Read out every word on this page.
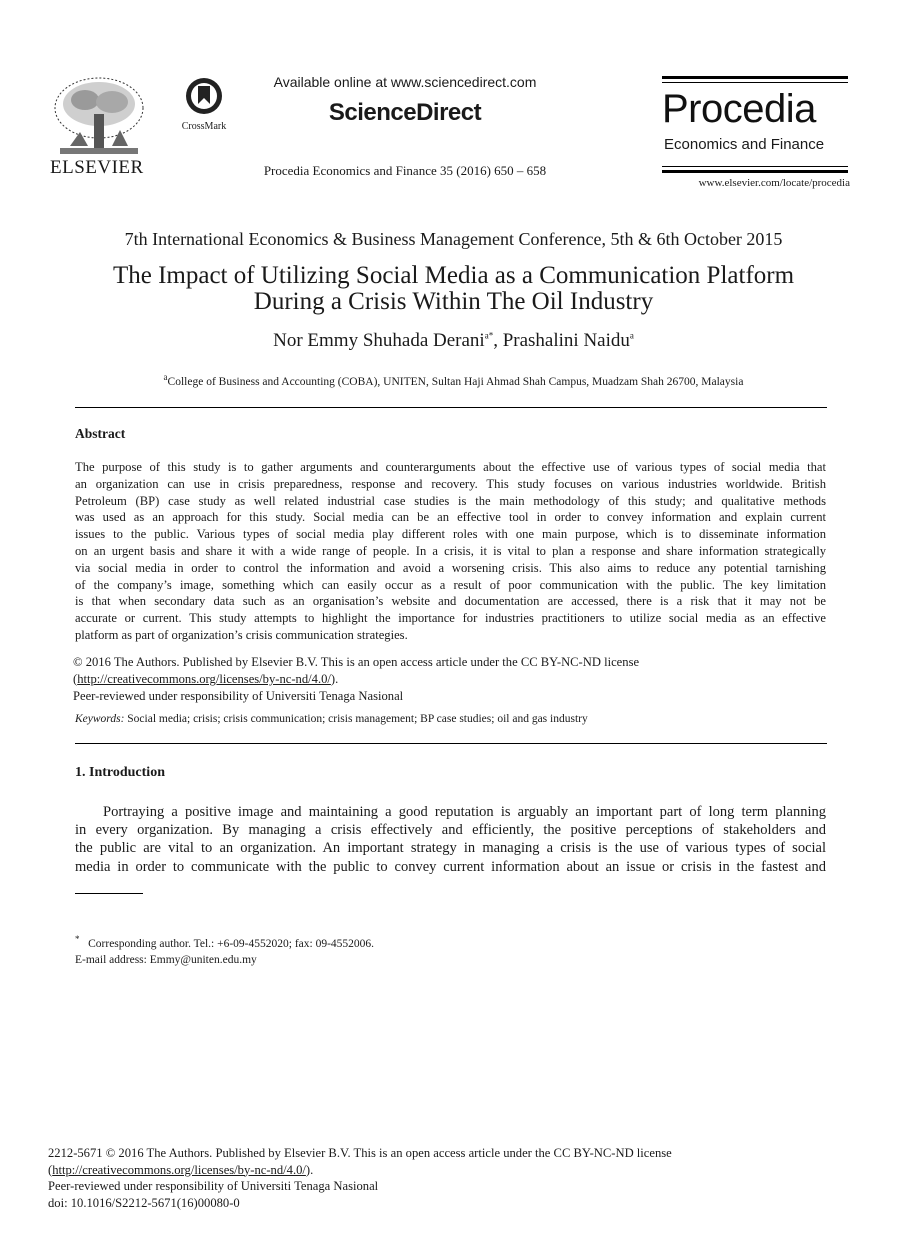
ELSEVIER
CrossMark
Available online at www.sciencedirect.com
ScienceDirect
Procedia Economics and Finance 35 (2016) 650 – 658
Procedia
Economics and Finance
www.elsevier.com/locate/procedia
7th International Economics & Business Management Conference, 5th & 6th October 2015
The Impact of Utilizing Social Media as a Communication Platform
During a Crisis Within The Oil Industry
Nor Emmy Shuhada Derani$^{a*}$, Prashalini Naidu$^a$
$^a$College of Business and Accounting (COBA), UNITEN, Sultan Haji Ahmad Shah Campus, Muadzam Shah 26700, Malaysia
Abstract
The purpose of this study is to gather arguments and counterarguments about the effective use of various types of social media that
an organization can use in crisis preparedness, response and recovery. This study focuses on various industries worldwide. British
Petroleum (BP) case study as well related industrial case studies is the main methodology of this study; and qualitative methods
was used as an approach for this study. Social media can be an effective tool in order to convey information and explain current
issues to the public. Various types of social media play different roles with one main purpose, which is to disseminate information
on an urgent basis and share it with a wide range of people. In a crisis, it is vital to plan a response and share information strategically
via social media in order to control the information and avoid a worsening crisis. This also aims to reduce any potential tarnishing
of the company’s image, something which can easily occur as a result of poor communication with the public. The key limitation
is that when secondary data such as an organisation’s website and documentation are accessed, there is a risk that it may not be
accurate or current. This study attempts to highlight the importance for industries practitioners to utilize social media as an effective
platform as part of organization’s crisis communication strategies.
© 2016 The Authors. Published by Elsevier B.V. This is an open access article under the CC BY-NC-ND license
(http://creativecommons.org/licenses/by-nc-nd/4.0/).
Peer-reviewed under responsibility of Universiti Tenaga Nasional
Keywords: Social media; crisis; crisis communication; crisis management; BP case studies; oil and gas industry
1. Introduction
Portraying a positive image and maintaining a good reputation is arguably an important part of long term planning
in every organization. By managing a crisis effectively and efficiently, the positive perceptions of stakeholders and
the public are vital to an organization. An important strategy in managing a crisis is the use of various types of social
media in order to communicate with the public to convey current information about an issue or crisis in the fastest and
* Corresponding author. Tel.: +6-09-4552020; fax: 09-4552006.
E-mail address: Emmy@uniten.edu.my
2212-5671 © 2016 The Authors. Published by Elsevier B.V. This is an open access article under the CC BY-NC-ND license
(http://creativecommons.org/licenses/by-nc-nd/4.0/).
Peer-reviewed under responsibility of Universiti Tenaga Nasional
doi: 10.1016/S2212-5671(16)00080-0
